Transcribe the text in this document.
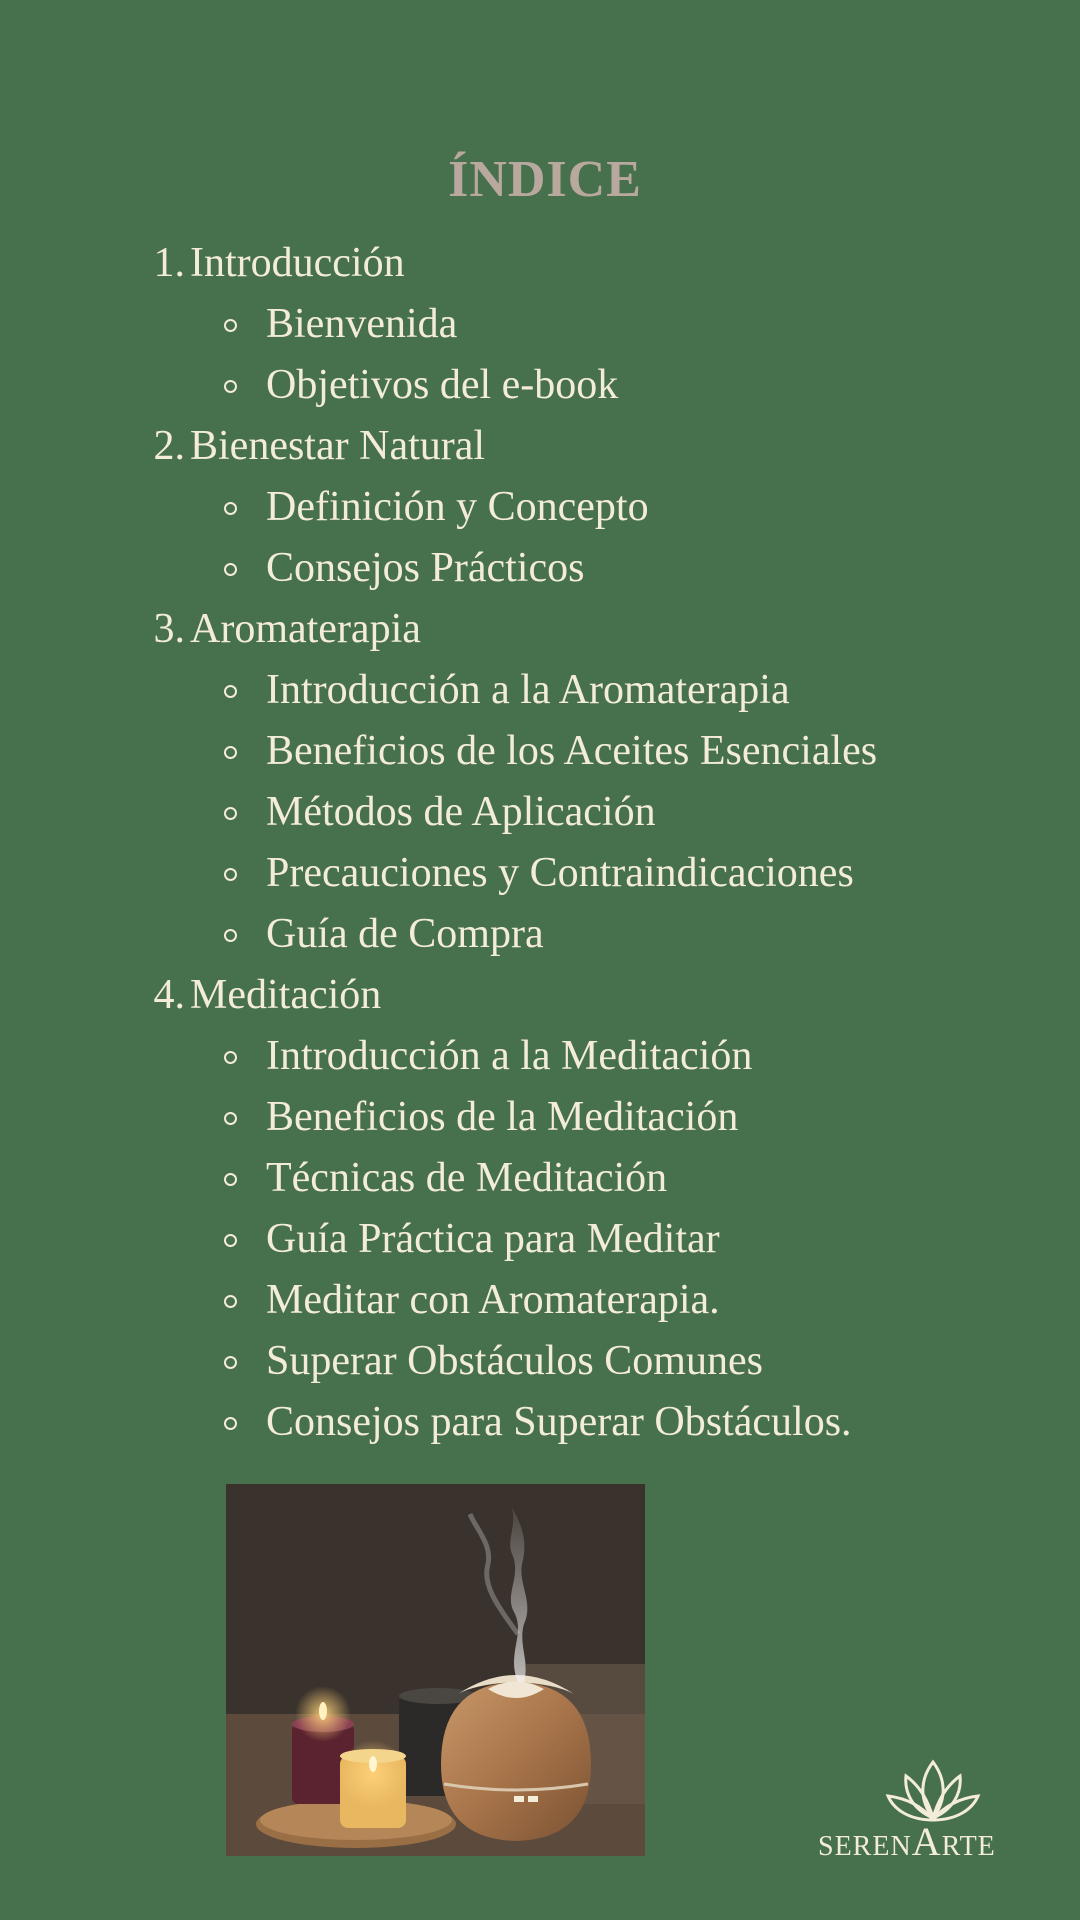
ÍNDICE
1. Introducción
Bienvenida
Objetivos del e-book
2. Bienestar Natural
Definición y Concepto
Consejos Prácticos
3. Aromaterapia
Introducción a la Aromaterapia
Beneficios de los Aceites Esenciales
Métodos de Aplicación
Precauciones y Contraindicaciones
Guía de Compra
4. Meditación
Introducción a la Meditación
Beneficios de la Meditación
Técnicas de Meditación
Guía Práctica para Meditar
Meditar con Aromaterapia.
Superar Obstáculos Comunes
Consejos para Superar Obstáculos.
SERENARTE
